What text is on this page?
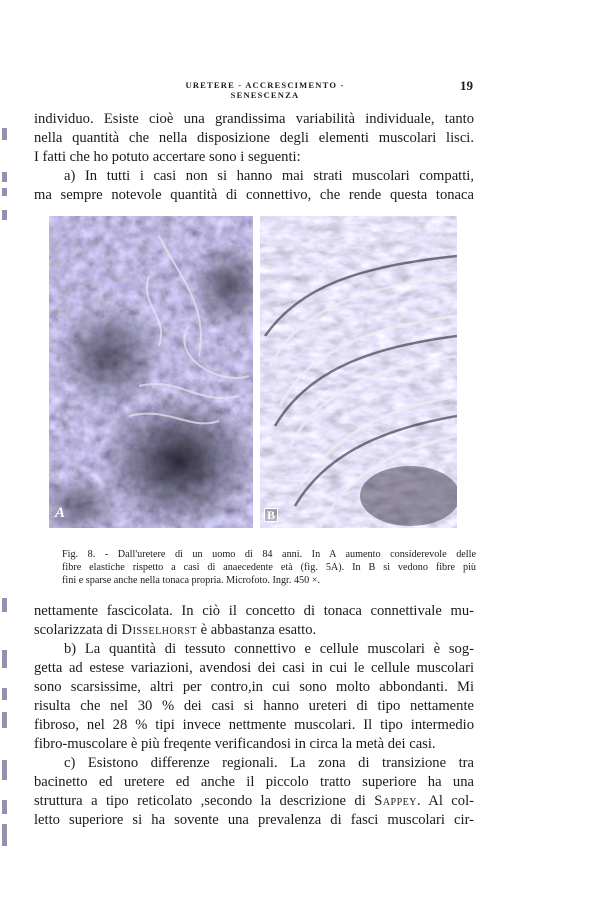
URETERE - ACCRESCIMENTO - SENESCENZA
19
individuo. Esiste cioè una grandissima variabilità individuale, tanto
nella quantità che nella disposizione degli elementi muscolari lisci.
I fatti che ho potuto accertare sono i seguenti:
a) In tutti i casi non si hanno mai strati muscolari compatti,
ma sempre notevole quantità di connettivo, che rende questa tonaca
A	B
Fig. 8. - Dall'uretere di un uomo di 84 anni. In A aumento considerevole delle
fibre elastiche rispetto a casi di anaecedente età (fig. 5A). In B si vedono fibre più
fini e sparse anche nella tonaca propria. Microfoto. Ingr. 450 ×.
nettamente fascicolata. In ciò il concetto di tonaca connettivale mu-
scolarizzata di Disselhorst è abbastanza esatto.
b) La quantità di tessuto connettivo e cellule muscolari è sog-
getta ad estese variazioni, avendosi dei casi in cui le cellule muscolari
sono scarsissime, altri per contro,in cui sono molto abbondanti. Mi
risulta che nel 30 % dei casi si hanno ureteri di tipo nettamente
fibroso, nel 28 % tipi invece nettmente muscolari. Il tipo intermedio
fibro-muscolare è più freqente verificandosi in circa la metà dei casi.
c) Esistono differenze regionali. La zona di transizione tra
bacinetto ed uretere ed anche il piccolo tratto superiore ha una
struttura a tipo reticolato ,secondo la descrizione di Sappey. Al col-
letto superiore si ha sovente una prevalenza di fasci muscolari cir-
